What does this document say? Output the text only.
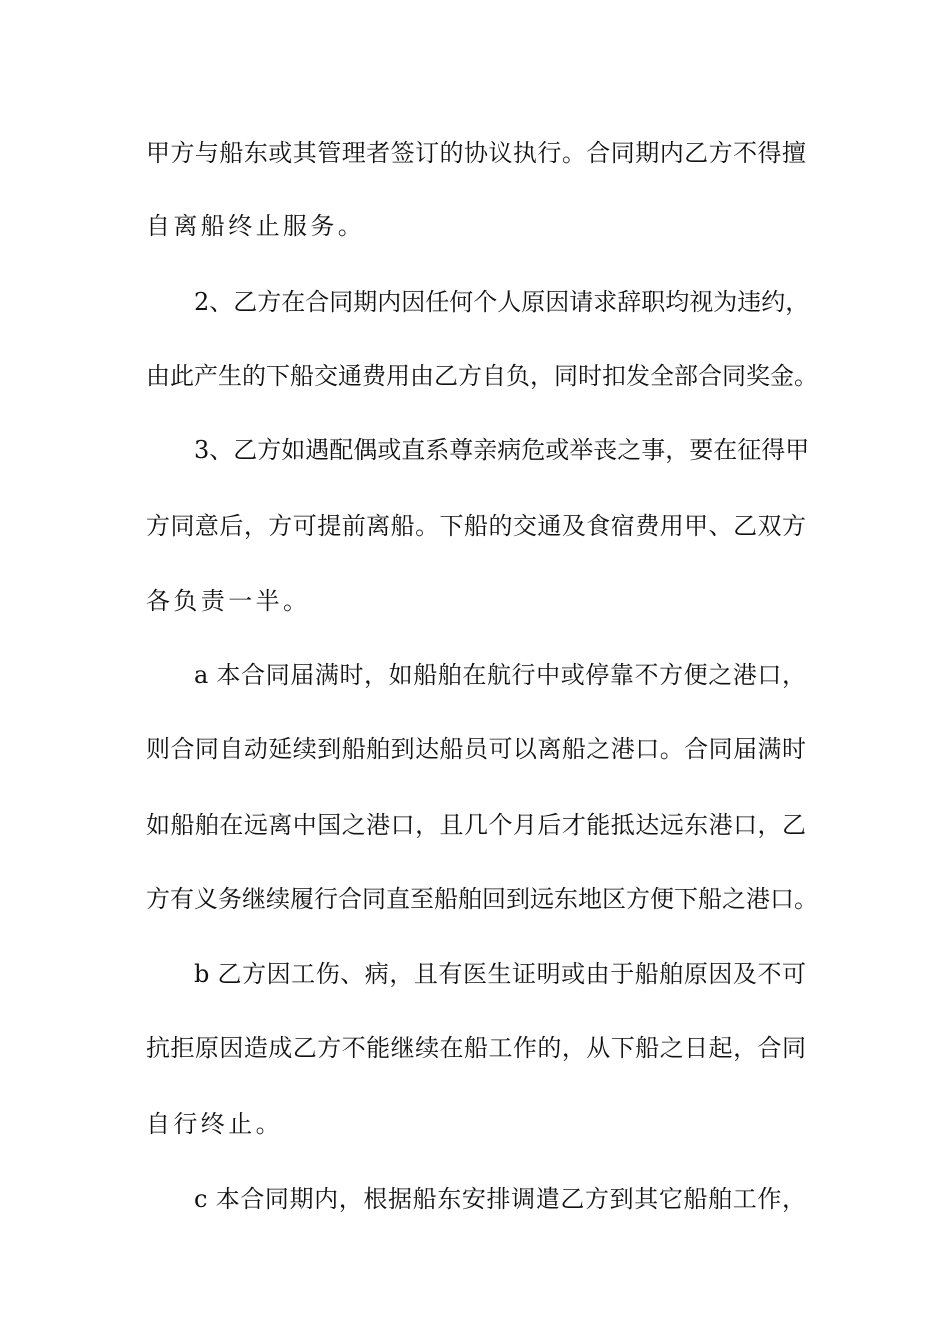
甲方与船东或其管理者签订的协议执行。合同期内乙方不得擅
自离船终止服务。
2、乙方在合同期内因任何个人原因请求辞职均视为违约，
由此产生的下船交通费用由乙方自负，同时扣发全部合同奖金。
3、乙方如遇配偶或直系尊亲病危或举丧之事，要在征得甲
方同意后，方可提前离船。下船的交通及食宿费用甲、乙双方
各负责一半。
a 本合同届满时，如船舶在航行中或停靠不方便之港口，
则合同自动延续到船舶到达船员可以离船之港口。合同届满时
如船舶在远离中国之港口，且几个月后才能抵达远东港口，乙
方有义务继续履行合同直至船舶回到远东地区方便下船之港口。
b 乙方因工伤、病，且有医生证明或由于船舶原因及不可
抗拒原因造成乙方不能继续在船工作的，从下船之日起，合同
自行终止。
c 本合同期内，根据船东安排调遣乙方到其它船舶工作，
